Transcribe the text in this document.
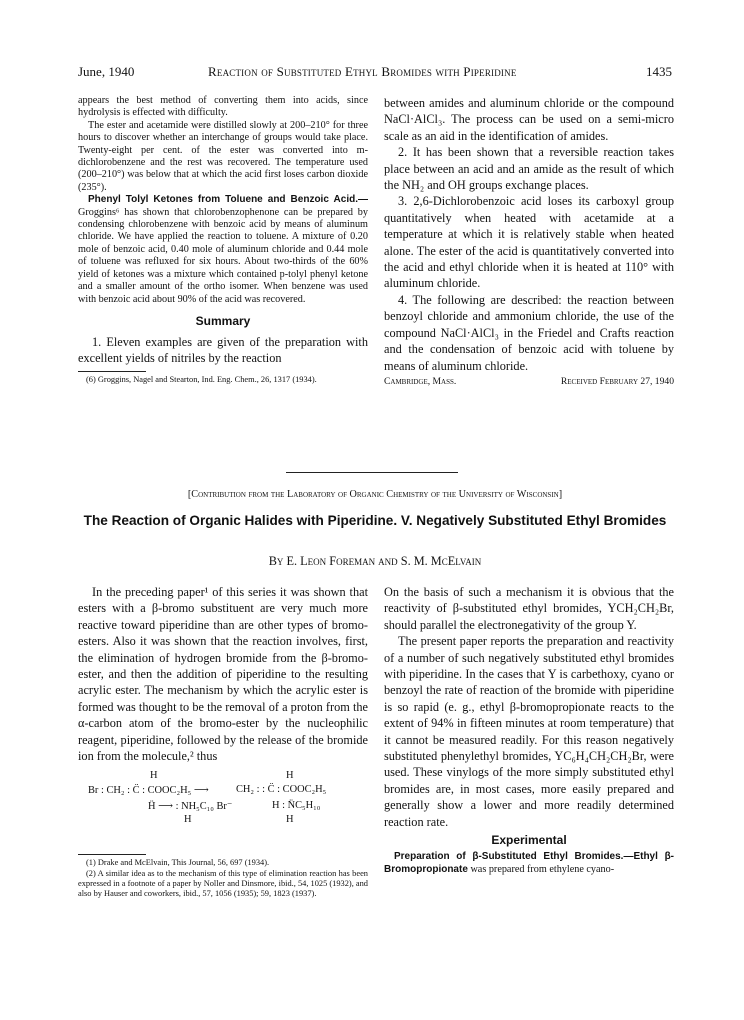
June, 1940	Reaction of Substituted Ethyl Bromides with Piperidine	1435

appears the best method of converting them into acids, since hydrolysis is effected with difficulty.

The ester and acetamide were distilled slowly at 200–210° for three hours to discover whether an interchange of groups would take place. Twenty-eight per cent. of the ester was converted into m-dichlorobenzene and the rest was recovered. The temperature used (200–210°) was below that at which the acid first loses carbon dioxide (235°).

Phenyl Tolyl Ketones from Toluene and Benzoic Acid.—Groggins⁶ has shown that chlorobenzophenone can be prepared by condensing chlorobenzene with benzoic acid by means of aluminum chloride. We have applied the reaction to toluene. A mixture of 0.20 mole of benzoic acid, 0.40 mole of aluminum chloride and 0.44 mole of toluene was refluxed for six hours. About two-thirds of the 60% yield of ketones was a mixture which contained p-tolyl phenyl ketone and a smaller amount of the ortho isomer. When benzene was used with benzoic acid about 90% of the acid was recovered.

Summary

1. Eleven examples are given of the preparation with excellent yields of nitriles by the reaction

(6) Groggins, Nagel and Stearton, Ind. Eng. Chem., 26, 1317 (1934).

between amides and aluminum chloride or the compound NaCl·AlCl₃. The process can be used on a semi-micro scale as an aid in the identification of amides.

2. It has been shown that a reversible reaction takes place between an acid and an amide as the result of which the NH₂ and OH groups exchange places.

3. 2,6-Dichlorobenzoic acid loses its carboxyl group quantitatively when heated with acetamide at a temperature at which it is relatively stable when heated alone. The ester of the acid is quantitatively converted into the acid and ethyl chloride when it is heated at 110° with aluminum chloride.

4. The following are described: the reaction between benzoyl chloride and ammonium chloride, the use of the compound NaCl·AlCl₃ in the Friedel and Crafts reaction and the condensation of benzoic acid with toluene by means of aluminum chloride.

Cambridge, Mass.	Received February 27, 1940
[Contribution from the Laboratory of Organic Chemistry of the University of Wisconsin]
The Reaction of Organic Halides with Piperidine. V. Negatively Substituted Ethyl Bromides
By E. Leon Foreman and S. M. McElvain

In the preceding paper¹ of this series it was shown that esters with a β-bromo substituent are very much more reactive toward piperidine than are other types of bromo-esters. Also it was shown that the reaction involves, first, the elimination of hydrogen bromide from the β-bromo-ester, and then the addition of piperidine to the resulting acrylic ester. The mechanism by which the acrylic ester is formed was thought to be the removal of a proton from the α-carbon atom of the bromo-ester by the nucleophilic reagent, piperidine, followed by the release of the bromide ion from the molecule,² thus

H	H
Br : CH₂ : C̈ : COOC₂H₅ ⟶	CH₂ : : C̈ : COOC₂H₅
Ḧ ⟶ : NH₅C₁₀ Br⁻	H : N̈C₅H₁₀
H	H

(1) Drake and McElvain, This Journal, 56, 697 (1934).

(2) A similar idea as to the mechanism of this type of elimination reaction has been expressed in a footnote of a paper by Noller and Dinsmore, ibid., 54, 1025 (1932), and also by Hauser and coworkers, ibid., 57, 1056 (1935); 59, 1823 (1937).

On the basis of such a mechanism it is obvious that the reactivity of β-substituted ethyl bromides, YCH₂CH₂Br, should parallel the electronegativity of the group Y.

The present paper reports the preparation and reactivity of a number of such negatively substituted ethyl bromides with piperidine. In the cases that Y is carbethoxy, cyano or benzoyl the rate of reaction of the bromide with piperidine is so rapid (e. g., ethyl β-bromopropionate reacts to the extent of 94% in fifteen minutes at room temperature) that it cannot be measured readily. For this reason negatively substituted phenylethyl bromides, YC₆H₄CH₂CH₂Br, were used. These vinylogs of the more simply substituted ethyl bromides are, in most cases, more easily prepared and generally show a lower and more readily determined reaction rate.

Experimental

Preparation of β-Substituted Ethyl Bromides.—Ethyl β-Bromopropionate was prepared from ethylene cyano-
